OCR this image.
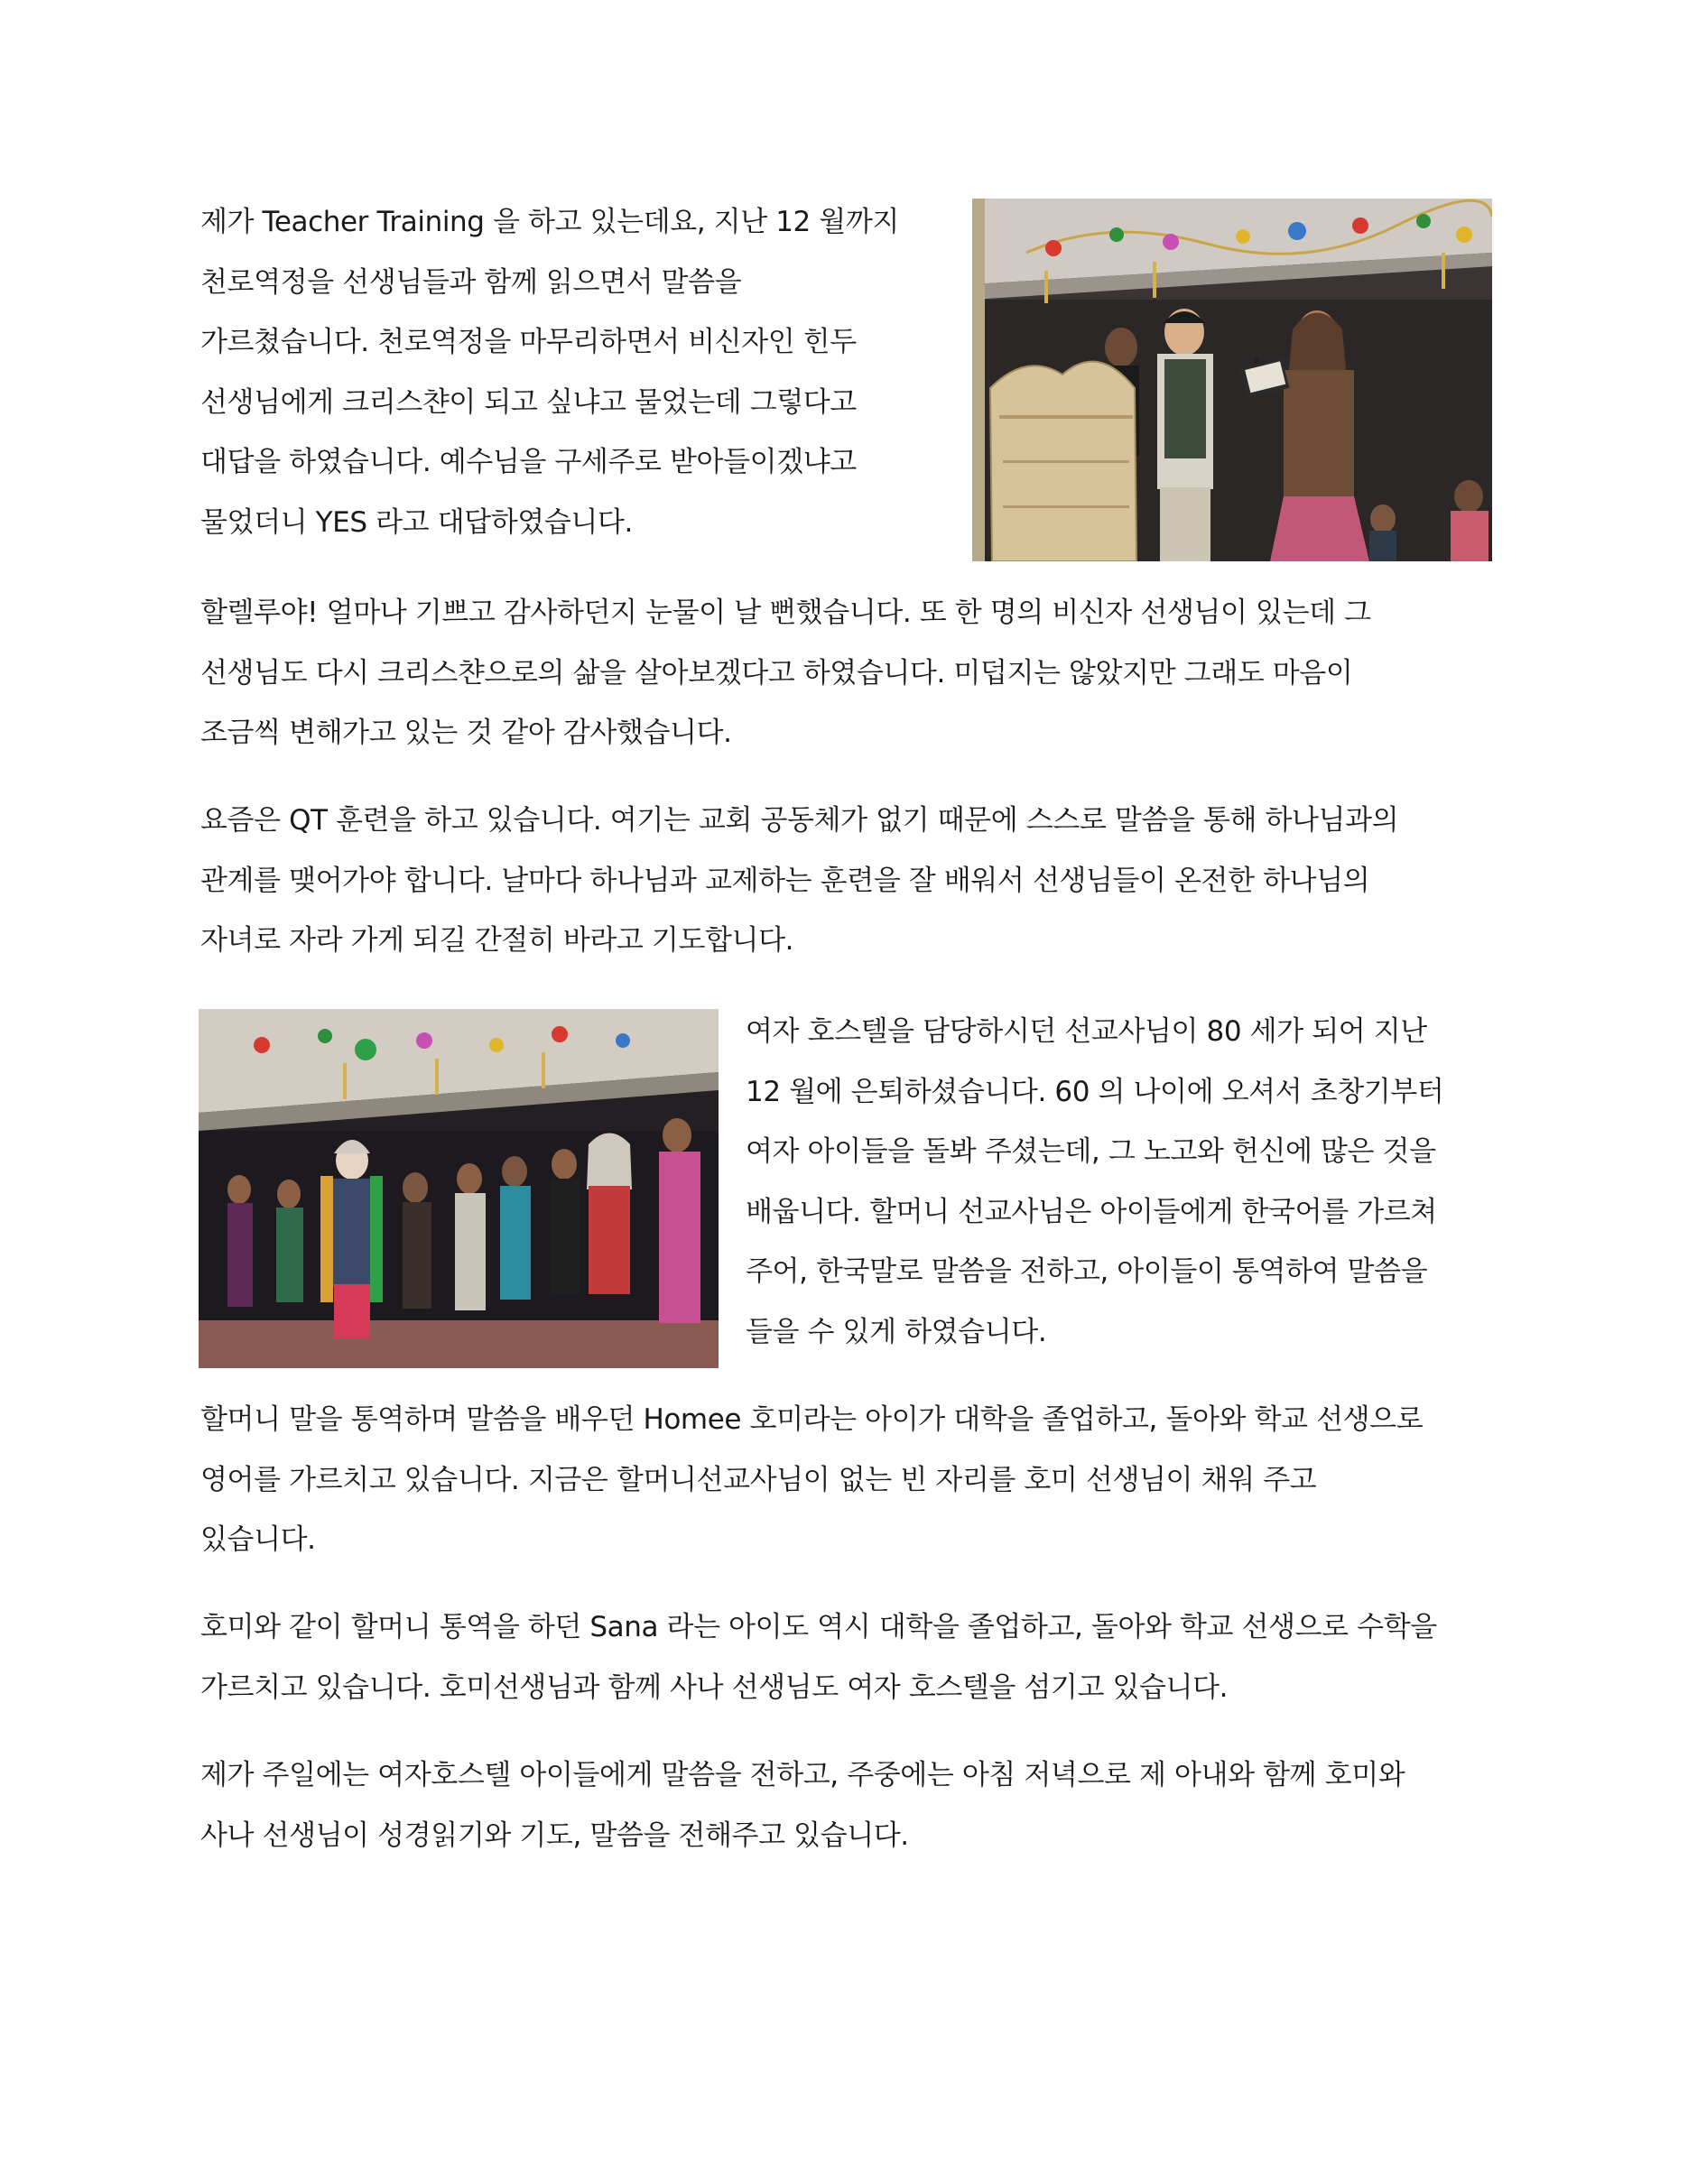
제가 Teacher Training 을 하고 있는데요, 지난 12 월까지
천로역정을 선생님들과 함께 읽으면서 말씀을
가르쳤습니다. 천로역정을 마무리하면서 비신자인 힌두
선생님에게 크리스챤이 되고 싶냐고 물었는데 그렇다고
대답을 하였습니다. 예수님을 구세주로 받아들이겠냐고
물었더니 YES 라고 대답하였습니다.

할렐루야! 얼마나 기쁘고 감사하던지 눈물이 날 뻔했습니다. 또 한 명의 비신자 선생님이 있는데 그
선생님도 다시 크리스챤으로의 삶을 살아보겠다고 하였습니다. 미덥지는 않았지만 그래도 마음이
조금씩 변해가고 있는 것 같아 감사했습니다.

요즘은 QT 훈련을 하고 있습니다. 여기는 교회 공동체가 없기 때문에 스스로 말씀을 통해 하나님과의
관계를 맺어가야 합니다. 날마다 하나님과 교제하는 훈련을 잘 배워서 선생님들이 온전한 하나님의
자녀로 자라 가게 되길 간절히 바라고 기도합니다.

여자 호스텔을 담당하시던 선교사님이 80 세가 되어 지난
12 월에 은퇴하셨습니다. 60 의 나이에 오셔서 초창기부터
여자 아이들을 돌봐 주셨는데, 그 노고와 헌신에 많은 것을
배웁니다. 할머니 선교사님은 아이들에게 한국어를 가르쳐
주어, 한국말로 말씀을 전하고, 아이들이 통역하여 말씀을
들을 수 있게 하였습니다.

할머니 말을 통역하며 말씀을 배우던 Homee 호미라는 아이가 대학을 졸업하고, 돌아와 학교 선생으로
영어를 가르치고 있습니다. 지금은 할머니선교사님이 없는 빈 자리를 호미 선생님이 채워 주고
있습니다.

호미와 같이 할머니 통역을 하던 Sana 라는 아이도 역시 대학을 졸업하고, 돌아와 학교 선생으로 수학을
가르치고 있습니다. 호미선생님과 함께 사나 선생님도 여자 호스텔을 섬기고 있습니다.

제가 주일에는 여자호스텔 아이들에게 말씀을 전하고, 주중에는 아침 저녁으로 제 아내와 함께 호미와
사나 선생님이 성경읽기와 기도, 말씀을 전해주고 있습니다.
